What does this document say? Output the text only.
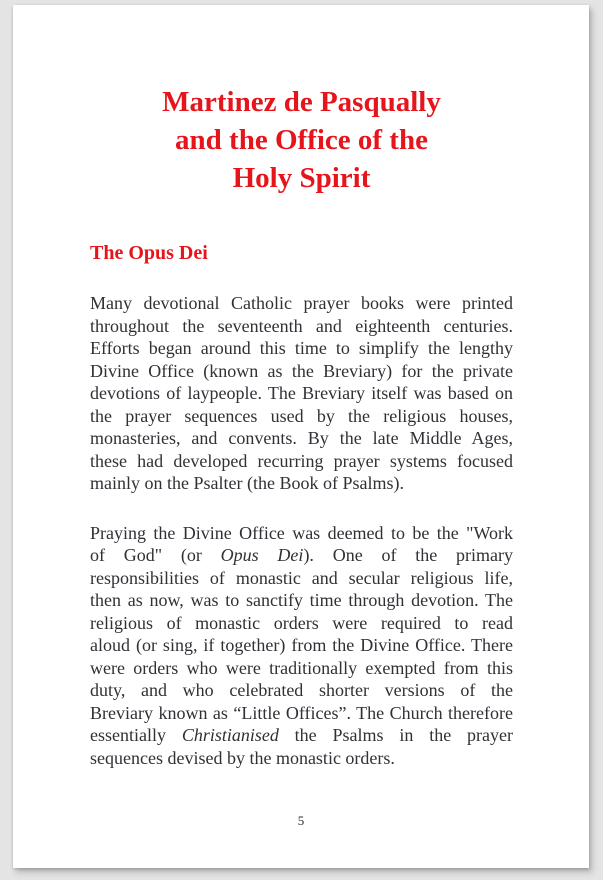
Martinez de Pasqually
and the Office of the
Holy Spirit
The Opus Dei
Many devotional Catholic prayer books were printed
throughout the seventeenth and eighteenth centuries.
Efforts began around this time to simplify the lengthy
Divine Office (known as the Breviary) for the private
devotions of laypeople. The Breviary itself was based on
the prayer sequences used by the religious houses,
monasteries, and convents. By the late Middle Ages,
these had developed recurring prayer systems focused
mainly on the Psalter (the Book of Psalms).
Praying the Divine Office was deemed to be the "Work
of God" (or Opus Dei). One of the primary
responsibilities of monastic and secular religious life,
then as now, was to sanctify time through devotion. The
religious of monastic orders were required to read
aloud (or sing, if together) from the Divine Office. There
were orders who were traditionally exempted from this
duty, and who celebrated shorter versions of the
Breviary known as “Little Offices”. The Church therefore
essentially Christianised the Psalms in the prayer
sequences devised by the monastic orders.
5
